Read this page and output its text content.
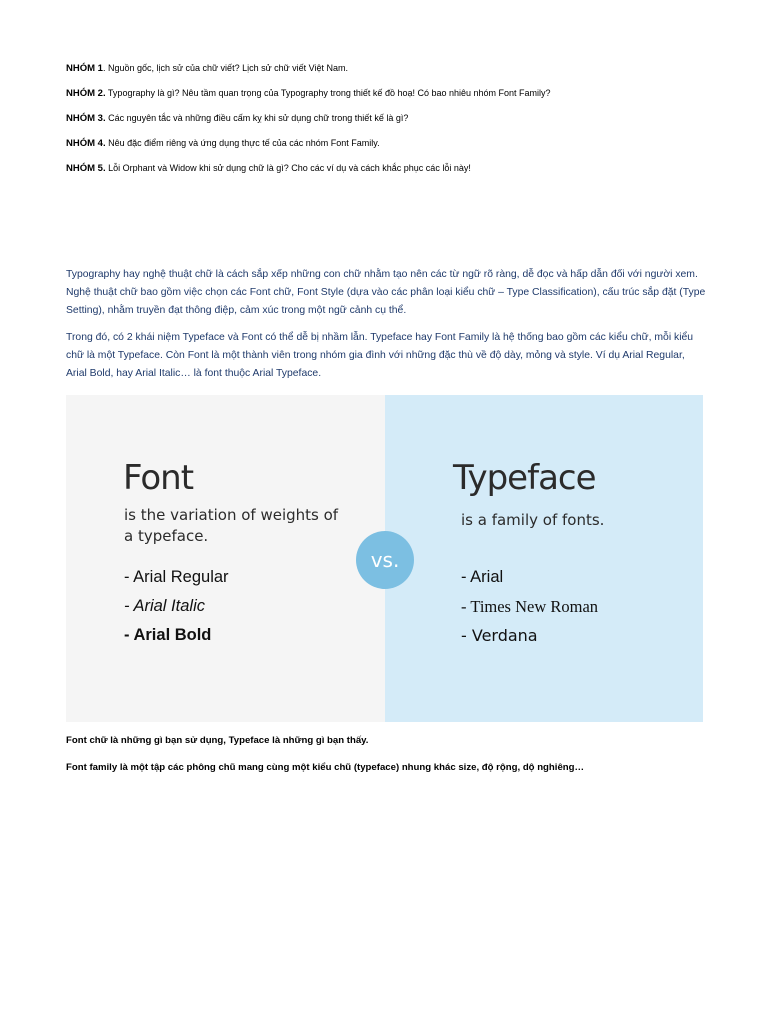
NHÓM 1. Nguồn gốc, lịch sử của chữ viết? Lịch sử chữ viết Việt Nam.
NHÓM 2. Typography là gì? Nêu tầm quan trọng của Typography trong thiết kế đồ hoạ! Có bao nhiêu nhóm Font Family?
NHÓM 3. Các nguyên tắc và những điều cấm kỵ khi sử dụng chữ trong thiết kế là gì?
NHÓM 4. Nêu đặc điểm riêng và ứng dụng thực tế của các nhóm Font Family.
NHÓM 5. Lỗi Orphant và Widow khi sử dụng chữ là gì? Cho các ví dụ và cách khắc phục các lỗi này!

Typography hay nghệ thuật chữ là cách sắp xếp những con chữ nhằm tạo nên các từ ngữ rõ ràng, dễ đọc và hấp dẫn đối với người xem. Nghệ thuật chữ bao gồm việc chọn các Font chữ, Font Style (dựa vào các phân loại kiểu chữ – Type Classification), cấu trúc sắp đặt (Type Setting), nhằm truyền đạt thông điệp, cảm xúc trong một ngữ cảnh cụ thể.

Trong đó, có 2 khái niệm Typeface và Font có thể dễ bị nhầm lẫn. Typeface hay Font Family là hệ thống bao gồm các kiểu chữ, mỗi kiểu chữ là một Typeface. Còn Font là một thành viên trong nhóm gia đình với những đặc thù về độ dày, mỏng và style. Ví dụ Arial Regular, Arial Bold, hay Arial Italic… là font thuộc Arial Typeface.

Font
is the variation of weights of a typeface.
- Arial Regular
- Arial Italic
- Arial Bold
vs.
Typeface
is a family of fonts.
- Arial
- Times New Roman
- Verdana

Font chữ là những gì bạn sử dụng, Typeface là những gì bạn thấy.

Font family là một tập các phông chũ mang cùng một kiểu chũ (typeface) nhung khác size, độ rộng, dộ nghiêng…
